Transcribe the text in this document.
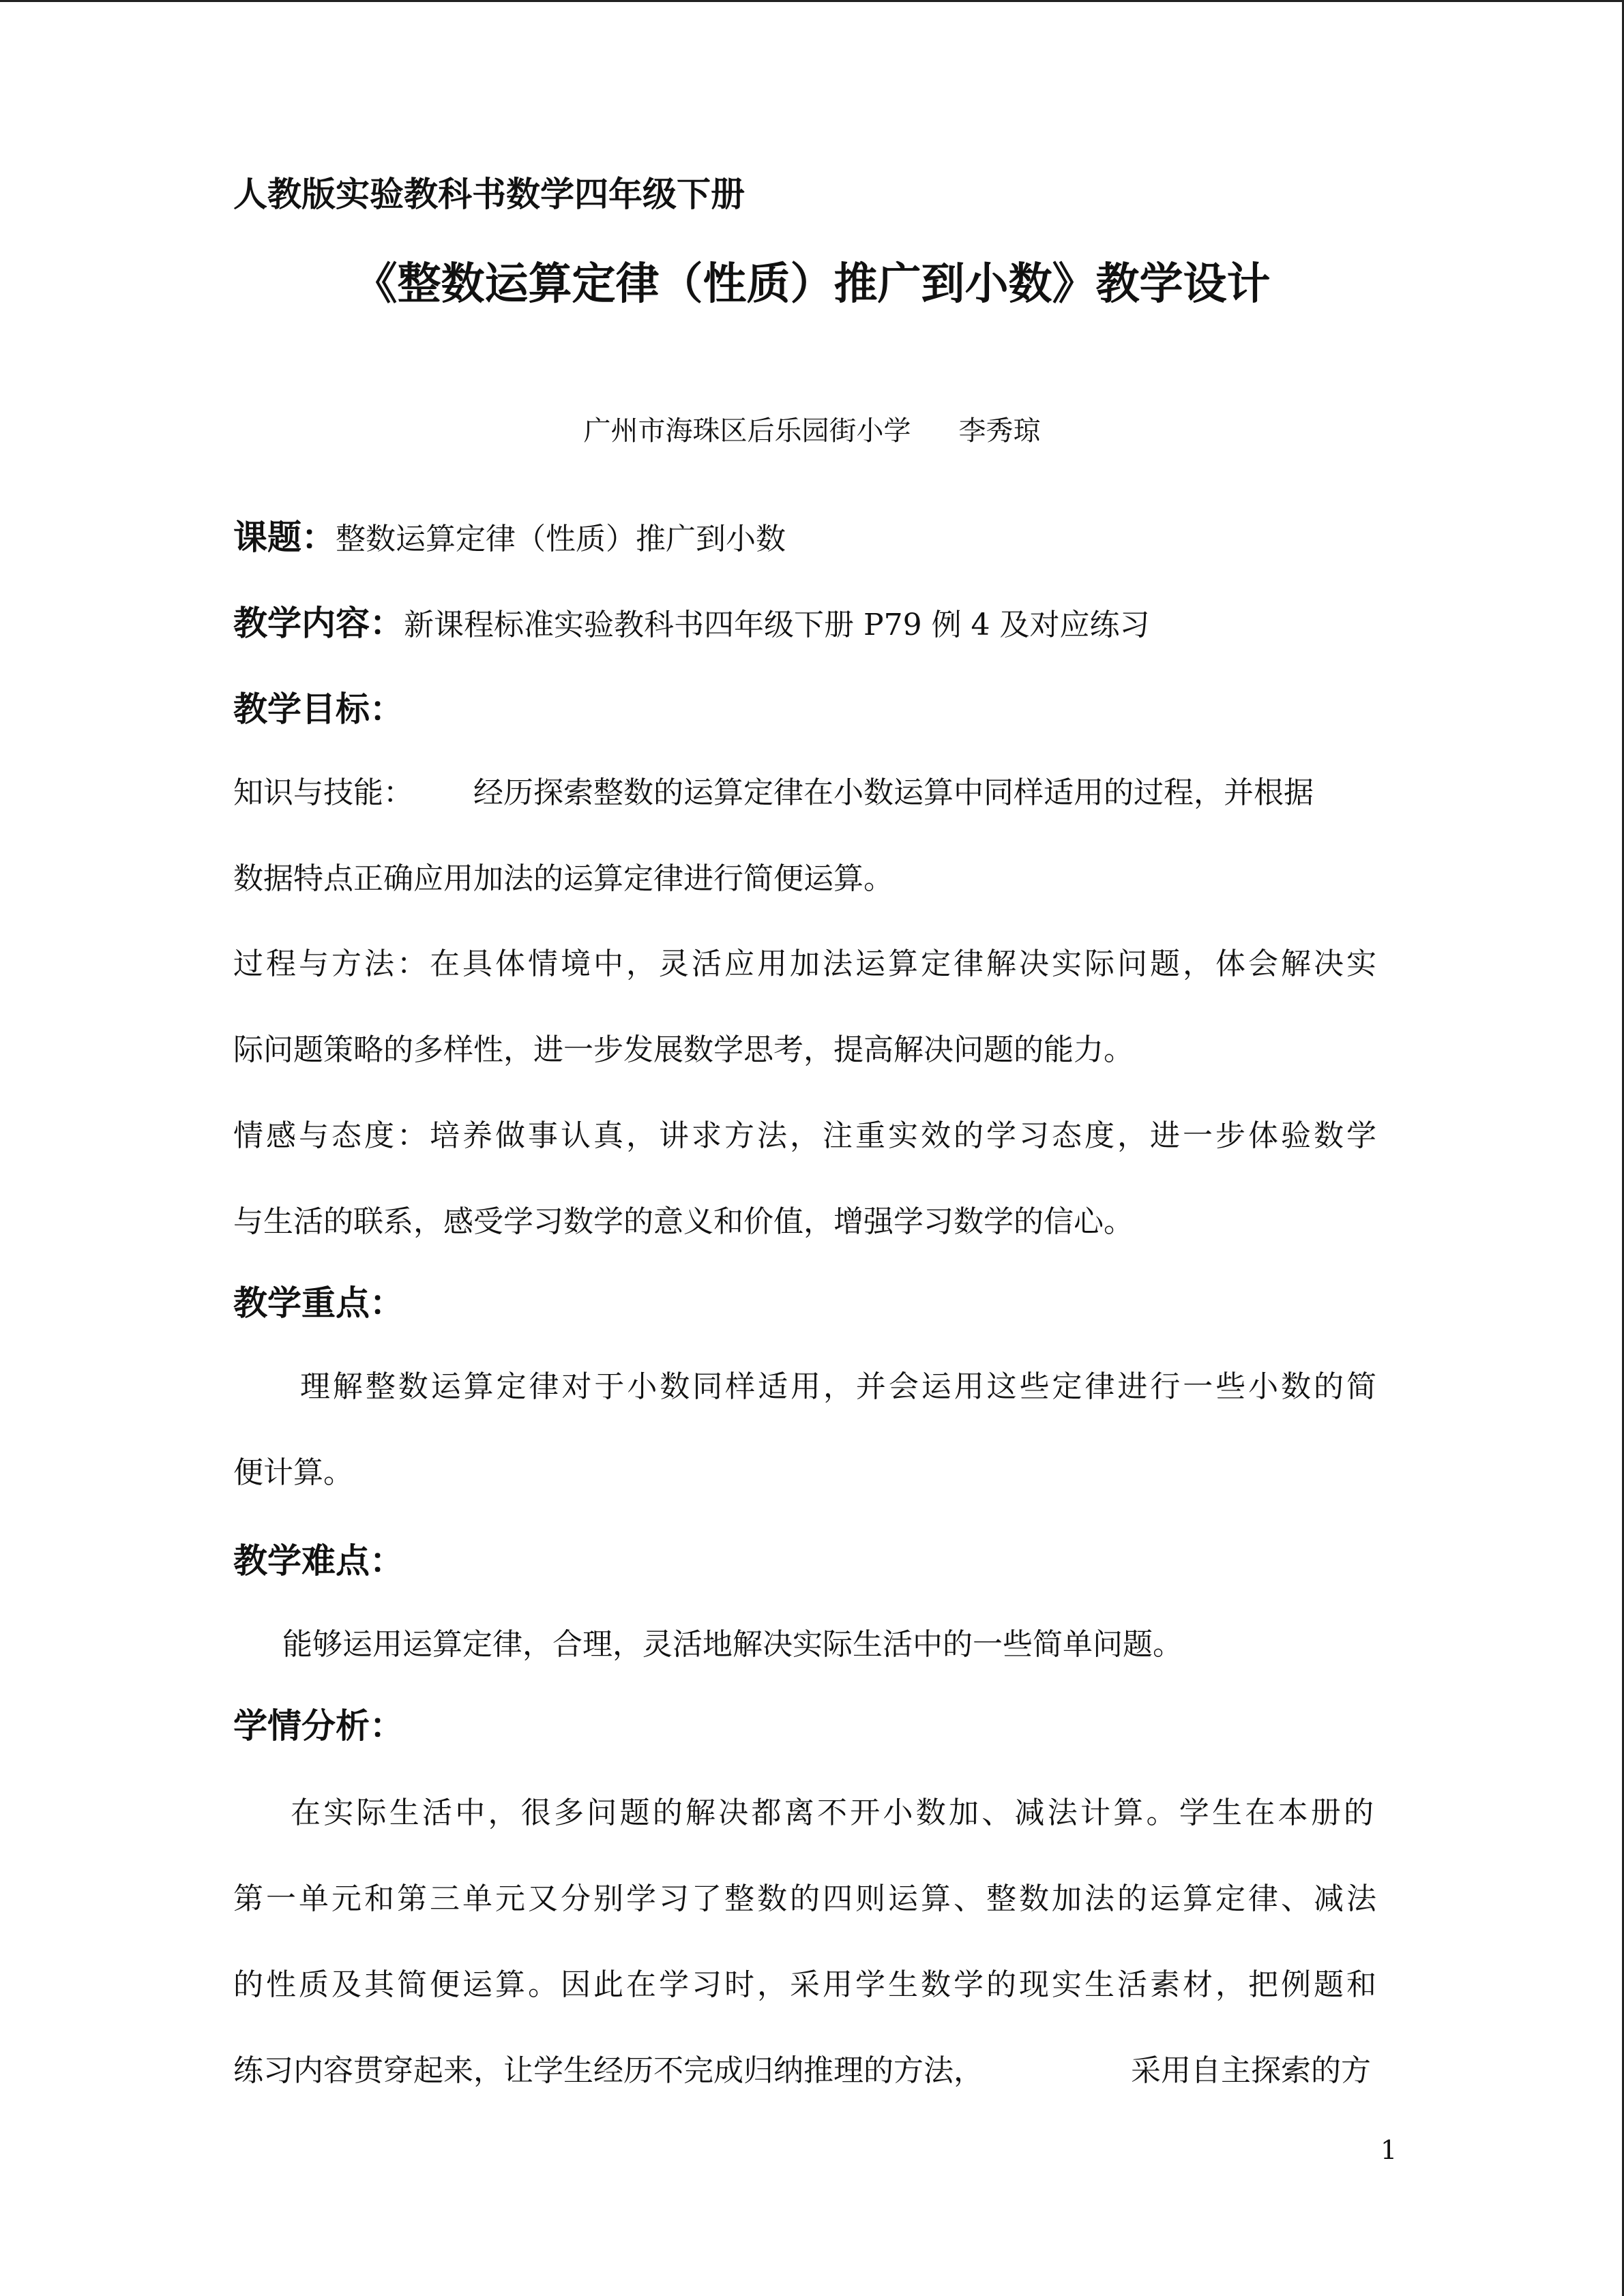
人教版实验教科书数学四年级下册
《整数运算定律（性质）推广到小数》教学设计
广州市海珠区后乐园街小学 李秀琼
课题：整数运算定律（性质）推广到小数
教学内容：新课程标准实验教科书四年级下册 P79 例 4 及对应练习
教学目标：
知识与技能： 经历探索整数的运算定律在小数运算中同样适用的过程，并根据
数据特点正确应用加法的运算定律进行简便运算。
过程与方法：在具体情境中，灵活应用加法运算定律解决实际问题，体会解决实
际问题策略的多样性，进一步发展数学思考，提高解决问题的能力。
情感与态度：培养做事认真，讲求方法，注重实效的学习态度，进一步体验数学
与生活的联系，感受学习数学的意义和价值，增强学习数学的信心。
教学重点：
理解整数运算定律对于小数同样适用，并会运用这些定律进行一些小数的简
便计算。
教学难点：
能够运用运算定律，合理，灵活地解决实际生活中的一些简单问题。
学情分析：
在实际生活中，很多问题的解决都离不开小数加、减法计算。学生在本册的
第一单元和第三单元又分别学习了整数的四则运算、整数加法的运算定律、减法
的性质及其简便运算。因此在学习时，采用学生数学的现实生活素材，把例题和
练习内容贯穿起来，让学生经历不完成归纳推理的方法，	采用自主探索的方
1
